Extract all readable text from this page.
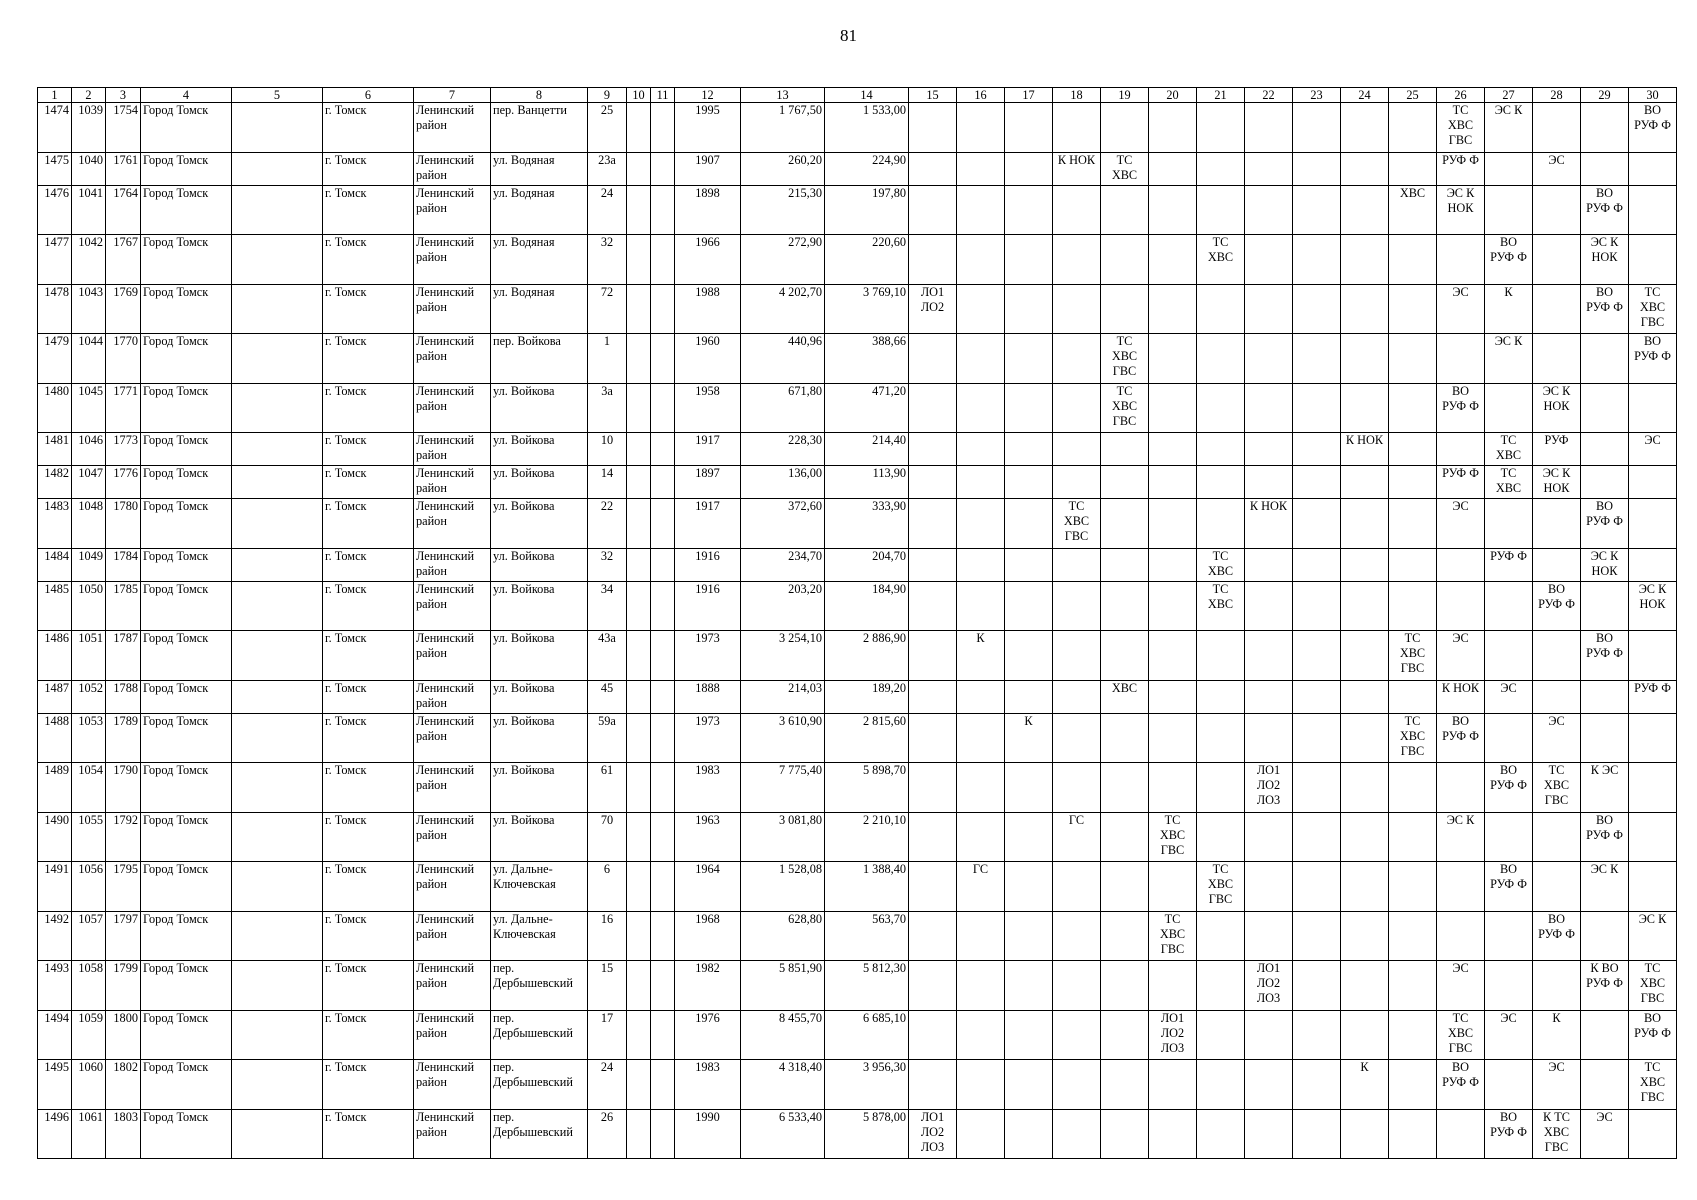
81
1	2	3	4	5	6	7	8	9	10	11	12	13	14	15	16	17	18	19	20	21	22	23	24	25	26	27	28	29	30
1474	1039	1754	Город Томск		г. Томск	Ленинский район	пер. Ванцетти	25			1995	1 767,50	1 533,00												ТС ХВС ГВС	ЭС К			ВО РУФ Ф
1475	1040	1761	Город Томск		г. Томск	Ленинский район	ул. Водяная	23а			1907	260,20	224,90				К НОК	ТС ХВС							РУФ Ф		ЭС		
1476	1041	1764	Город Томск		г. Томск	Ленинский район	ул. Водяная	24			1898	215,30	197,80											ХВС	ЭС К НОК			ВО РУФ Ф	
1477	1042	1767	Город Томск		г. Томск	Ленинский район	ул. Водяная	32			1966	272,90	220,60							ТС ХВС						ВО РУФ Ф		ЭС К НОК	
1478	1043	1769	Город Томск		г. Томск	Ленинский район	ул. Водяная	72			1988	4 202,70	3 769,10	ЛО1 ЛО2											ЭС	К		ВО РУФ Ф	ТС ХВС ГВС
1479	1044	1770	Город Томск		г. Томск	Ленинский район	пер. Войкова	1			1960	440,96	388,66					ТС ХВС ГВС								ЭС К			ВО РУФ Ф
1480	1045	1771	Город Томск		г. Томск	Ленинский район	ул. Войкова	3а			1958	671,80	471,20					ТС ХВС ГВС							ВО РУФ Ф		ЭС К НОК		
1481	1046	1773	Город Томск		г. Томск	Ленинский район	ул. Войкова	10			1917	228,30	214,40										К НОК			ТС ХВС	РУФ		ЭС
1482	1047	1776	Город Томск		г. Томск	Ленинский район	ул. Войкова	14			1897	136,00	113,90												РУФ Ф	ТС ХВС	ЭС К НОК		
1483	1048	1780	Город Томск		г. Томск	Ленинский район	ул. Войкова	22			1917	372,60	333,90				ТС ХВС ГВС				К НОК				ЭС			ВО РУФ Ф	
1484	1049	1784	Город Томск		г. Томск	Ленинский район	ул. Войкова	32			1916	234,70	204,70							ТС ХВС						РУФ Ф		ЭС К НОК	
1485	1050	1785	Город Томск		г. Томск	Ленинский район	ул. Войкова	34			1916	203,20	184,90							ТС ХВС							ВО РУФ Ф		ЭС К НОК
1486	1051	1787	Город Томск		г. Томск	Ленинский район	ул. Войкова	43а			1973	3 254,10	2 886,90		К									ТС ХВС ГВС	ЭС			ВО РУФ Ф	
1487	1052	1788	Город Томск		г. Томск	Ленинский район	ул. Войкова	45			1888	214,03	189,20					ХВС							К НОК	ЭС			РУФ Ф
1488	1053	1789	Город Томск		г. Томск	Ленинский район	ул. Войкова	59а			1973	3 610,90	2 815,60			К								ТС ХВС ГВС	ВО РУФ Ф		ЭС		
1489	1054	1790	Город Томск		г. Томск	Ленинский район	ул. Войкова	61			1983	7 775,40	5 898,70								ЛО1 ЛО2 ЛО3					ВО РУФ Ф	ТС ХВС ГВС	К ЭС	
1490	1055	1792	Город Томск		г. Томск	Ленинский район	ул. Войкова	70			1963	3 081,80	2 210,10				ГС		ТС ХВС ГВС						ЭС К			ВО РУФ Ф	
1491	1056	1795	Город Томск		г. Томск	Ленинский район	ул. Дальне-Ключевская	6			1964	1 528,08	1 388,40		ГС					ТС ХВС ГВС						ВО РУФ Ф		ЭС К	
1492	1057	1797	Город Томск		г. Томск	Ленинский район	ул. Дальне-Ключевская	16			1968	628,80	563,70						ТС ХВС ГВС								ВО РУФ Ф		ЭС К
1493	1058	1799	Город Томск		г. Томск	Ленинский район	пер. Дербышевский	15			1982	5 851,90	5 812,30								ЛО1 ЛО2 ЛО3				ЭС			К ВО РУФ Ф	ТС ХВС ГВС
1494	1059	1800	Город Томск		г. Томск	Ленинский район	пер. Дербышевский	17			1976	8 455,70	6 685,10						ЛО1 ЛО2 ЛО3						ТС ХВС ГВС	ЭС	К		ВО РУФ Ф
1495	1060	1802	Город Томск		г. Томск	Ленинский район	пер. Дербышевский	24			1983	4 318,40	3 956,30										К		ВО РУФ Ф		ЭС		ТС ХВС ГВС
1496	1061	1803	Город Томск		г. Томск	Ленинский район	пер. Дербышевский	26			1990	6 533,40	5 878,00	ЛО1 ЛО2 ЛО3												ВО РУФ Ф	К ТС ХВС ГВС	ЭС	
